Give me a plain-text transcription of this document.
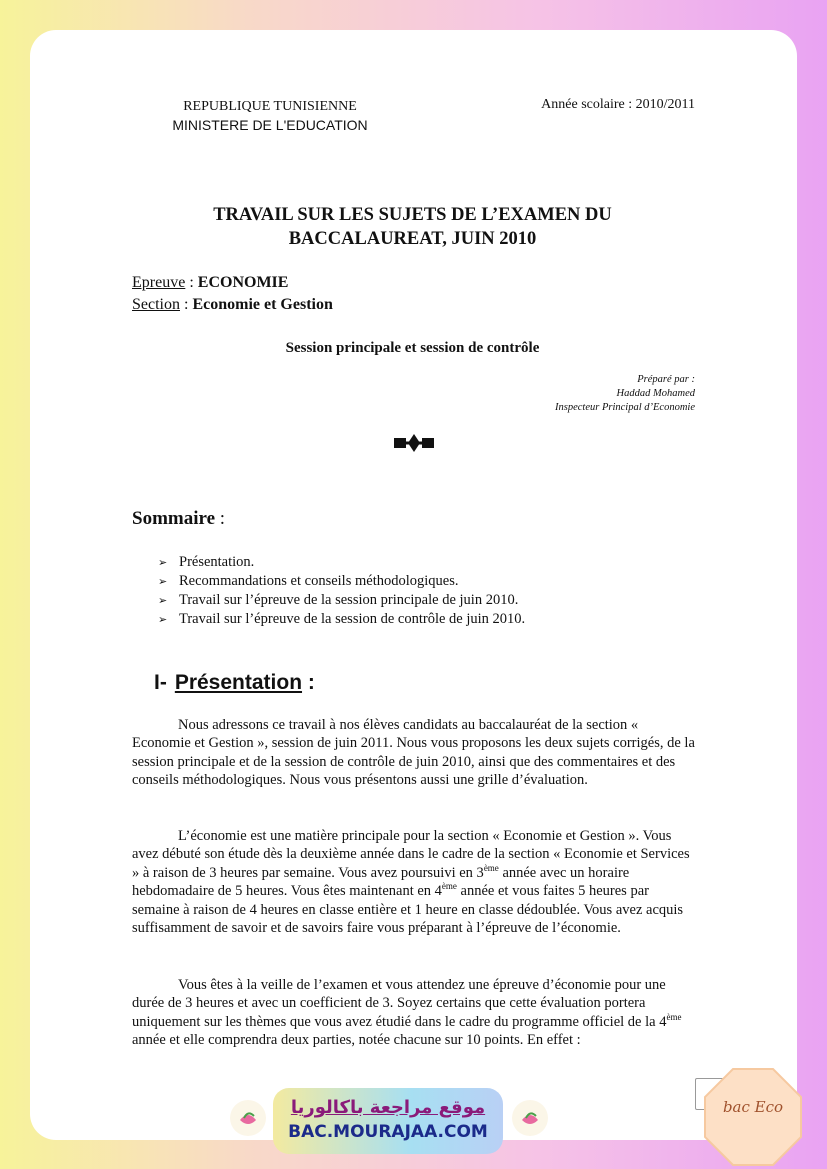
REPUBLIQUE TUNISIENNE
MINISTERE DE L'EDUCATION
Année scolaire : 2010/2011
TRAVAIL SUR LES SUJETS DE L’EXAMEN DU
BACCALAUREAT, JUIN 2010
Epreuve : ECONOMIE
Section : Economie et Gestion
Session principale et session de contrôle
Préparé par :
Haddad Mohamed
Inspecteur Principal d’Economie
Sommaire :
➢ Présentation.
➢ Recommandations et conseils méthodologiques.
➢ Travail sur l’épreuve de la session principale de juin 2010.
➢ Travail sur l’épreuve de la session de contrôle de juin 2010.
I- Présentation :

Nous adressons ce travail à nos élèves candidats au baccalauréat de la section « Economie et Gestion », session de juin 2011. Nous vous proposons les deux sujets corrigés, de la session principale et de la session de contrôle de juin 2010, ainsi que des commentaires et des conseils méthodologiques. Nous vous présentons aussi une grille d’évaluation.

L’économie est une matière principale pour la section « Economie et Gestion ». Vous avez débuté son étude dès la deuxième année dans le cadre de la section « Economie et Services » à raison de 3 heures par semaine. Vous avez poursuivi en 3ème année avec un horaire hebdomadaire de 5 heures. Vous êtes maintenant en 4ème année et vous faites 5 heures par semaine à raison de 4 heures en classe entière et 1 heure en classe dédoublée. Vous avez acquis suffisamment de savoir et de savoirs faire vous préparant à l’épreuve de l’économie.

Vous êtes à la veille de l’examen et vous attendez une épreuve d’économie pour une durée de 3 heures et avec un coefficient de 3. Soyez certains que cette évaluation portera uniquement sur les thèmes que vous avez étudié dans le cadre du programme officiel de la 4ème année et elle comprendra deux parties, notée chacune sur 10 points. En effet :

موقع مراجعة باكالوريا
BAC.MOURAJAA.COM
bac Eco
